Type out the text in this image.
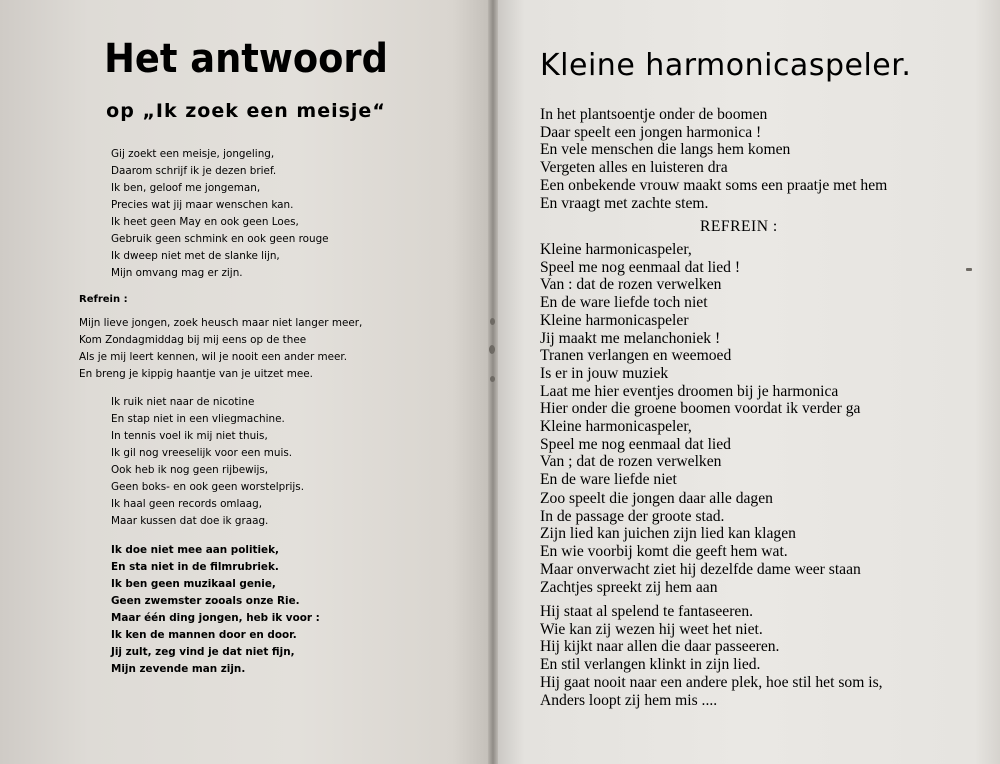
Het antwoord
op „Ik zoek een meisje“
Gij zoekt een meisje, jongeling,
Daarom schrijf ik je dezen brief.
Ik ben, geloof me jongeman,
Precies wat jij maar wenschen kan.
Ik heet geen May en ook geen Loes,
Gebruik geen schmink en ook geen rouge
Ik dweep niet met de slanke lijn,
Mijn omvang mag er zijn.

Refrein :

Mijn lieve jongen, zoek heusch maar niet langer meer,
Kom Zondagmiddag bij mij eens op de thee
Als je mij leert kennen, wil je nooit een ander meer.
En breng je kippig haantje van je uitzet mee.
Ik ruik niet naar de nicotine
En stap niet in een vliegmachine.
In tennis voel ik mij niet thuis,
Ik gil nog vreeselijk voor een muis.
Ook heb ik nog geen rijbewijs,
Geen boks- en ook geen worstelprijs.
Ik haal geen records omlaag,
Maar kussen dat doe ik graag.
Ik doe niet mee aan politiek,
En sta niet in de filmrubriek.
Ik ben geen muzikaal genie,
Geen zwemster zooals onze Rie.
Maar één ding jongen, heb ik voor :
Ik ken de mannen door en door.
Jij zult, zeg vind je dat niet fijn,
Mijn zevende man zijn.
Kleine harmonicaspeler.
In het plantsoentje onder de boomen
Daar speelt een jongen harmonica !
En vele menschen die langs hem komen
Vergeten alles en luisteren dra
Een onbekende vrouw maakt soms een praatje met hem
En vraagt met zachte stem.

REFREIN :

Kleine harmonicaspeler,
Speel me nog eenmaal dat lied !
Van : dat de rozen verwelken
En de ware liefde toch niet
Kleine harmonicaspeler
Jij maakt me melanchoniek !
Tranen verlangen en weemoed
Is er in jouw muziek
Laat me hier eventjes droomen bij je harmonica
Hier onder die groene boomen voordat ik verder ga
Kleine harmonicaspeler,
Speel me nog eenmaal dat lied
Van ; dat de rozen verwelken
En de ware liefde niet
Zoo speelt die jongen daar alle dagen
In de passage der groote stad.
Zijn lied kan juichen zijn lied kan klagen
En wie voorbij komt die geeft hem wat.
Maar onverwacht ziet hij dezelfde dame weer staan
Zachtjes spreekt zij hem aan
Hij staat al spelend te fantaseeren.
Wie kan zij wezen hij weet het niet.
Hij kijkt naar allen die daar passeeren.
En stil verlangen klinkt in zijn lied.
Hij gaat nooit naar een andere plek, hoe stil het som is,
Anders loopt zij hem mis ....
